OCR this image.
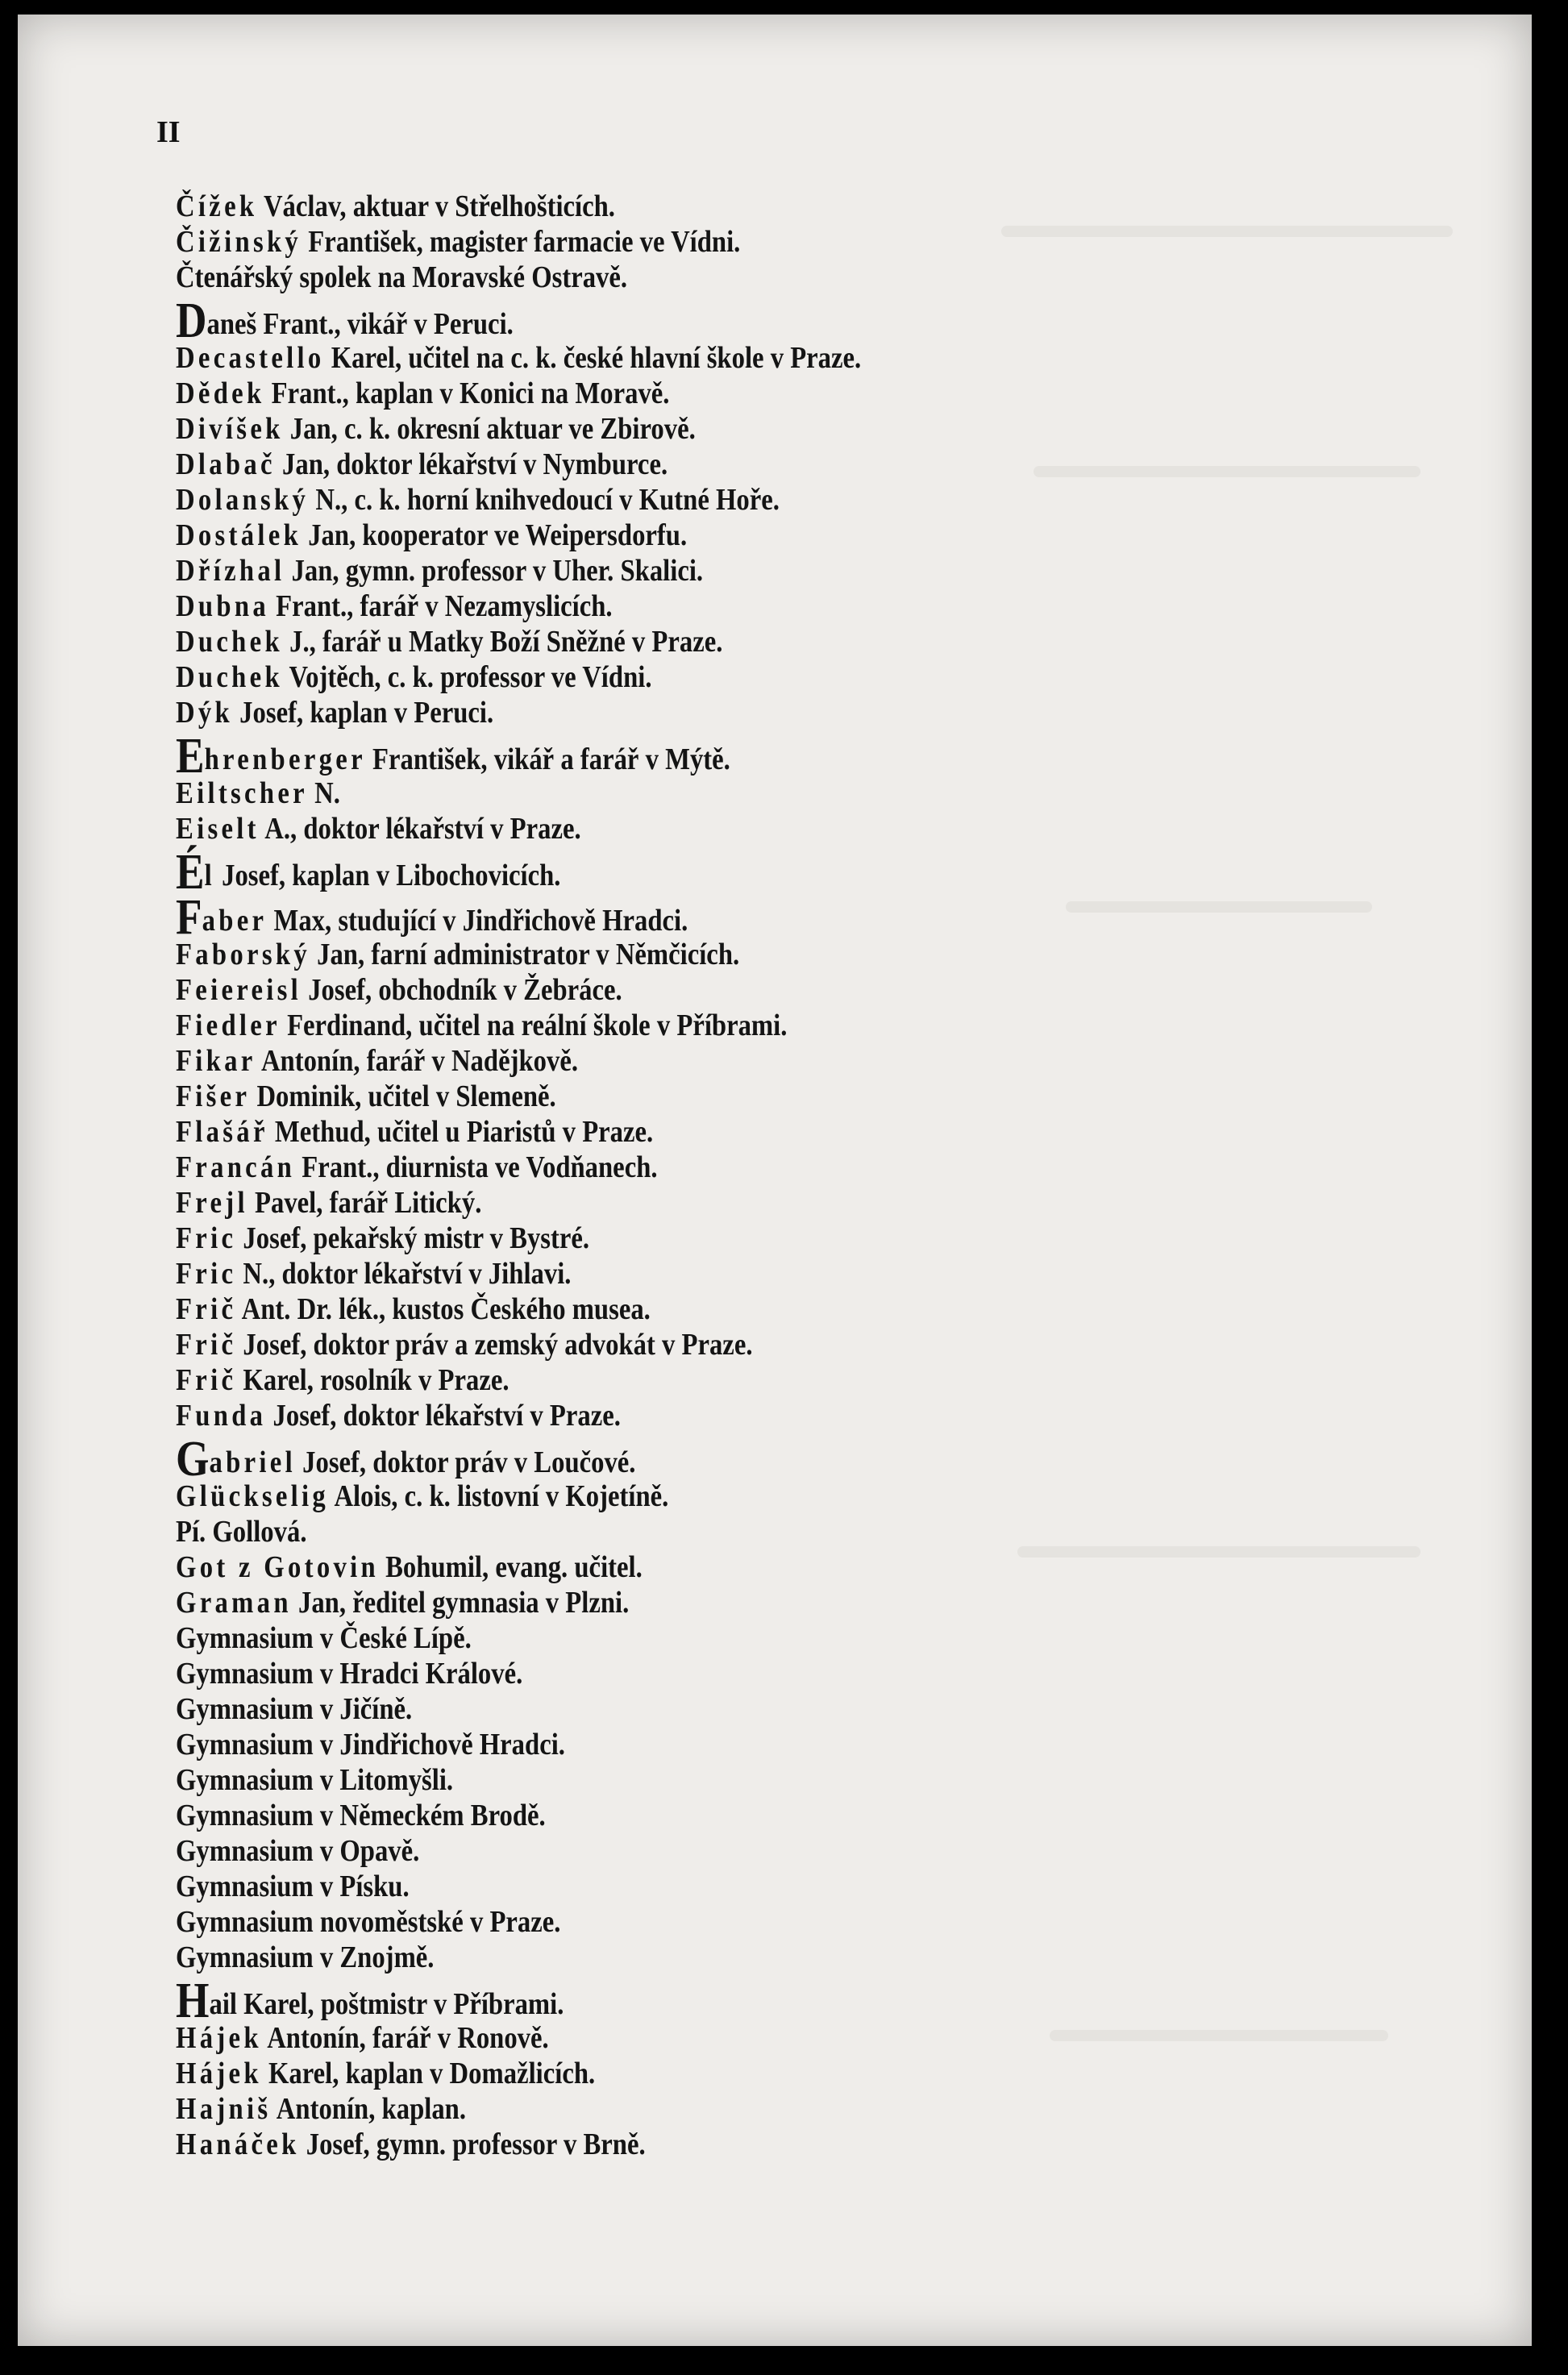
II
Čížek Václav, aktuar v Střelhošticích.
Čižinský František, magister farmacie ve Vídni.
Čtenářský spolek na Moravské Ostravě.
Daneš Frant., vikář v Peruci.
Decastello Karel, učitel na c. k. české hlavní škole v Praze.
Dědek Frant., kaplan v Konici na Moravě.
Divíšek Jan, c. k. okresní aktuar ve Zbirově.
Dlabač Jan, doktor lékařství v Nymburce.
Dolanský N., c. k. horní knihvedoucí v Kutné Hoře.
Dostálek Jan, kooperator ve Weipersdorfu.
Dřízhal Jan, gymn. professor v Uher. Skalici.
Dubna Frant., farář v Nezamyslicích.
Duchek J., farář u Matky Boží Sněžné v Praze.
Duchek Vojtěch, c. k. professor ve Vídni.
Dýk Josef, kaplan v Peruci.
Ehrenberger František, vikář a farář v Mýtě.
Eiltscher N.
Eiselt A., doktor lékařství v Praze.
Él Josef, kaplan v Libochovicích.
Faber Max, studující v Jindřichově Hradci.
Faborský Jan, farní administrator v Němčicích.
Feiereisl Josef, obchodník v Žebráce.
Fiedler Ferdinand, učitel na reální škole v Příbrami.
Fikar Antonín, farář v Nadějkově.
Fišer Dominik, učitel v Slemeně.
Flašář Methud, učitel u Piaristů v Praze.
Francán Frant., diurnista ve Vodňanech.
Frejl Pavel, farář Litický.
Fric Josef, pekařský mistr v Bystré.
Fric N., doktor lékařství v Jihlavi.
Frič Ant. Dr. lék., kustos Českého musea.
Frič Josef, doktor práv a zemský advokát v Praze.
Frič Karel, rosolník v Praze.
Funda Josef, doktor lékařství v Praze.
Gabriel Josef, doktor práv v Loučové.
Glückselig Alois, c. k. listovní v Kojetíně.
Pí. Gollová.
Got z Gotovin Bohumil, evang. učitel.
Graman Jan, ředitel gymnasia v Plzni.
Gymnasium v České Lípě.
Gymnasium v Hradci Králové.
Gymnasium v Jičíně.
Gymnasium v Jindřichově Hradci.
Gymnasium v Litomyšli.
Gymnasium v Německém Brodě.
Gymnasium v Opavě.
Gymnasium v Písku.
Gymnasium novoměstské v Praze.
Gymnasium v Znojmě.
Hail Karel, poštmistr v Příbrami.
Hájek Antonín, farář v Ronově.
Hájek Karel, kaplan v Domažlicích.
Hajniš Antonín, kaplan.
Hanáček Josef, gymn. professor v Brně.
